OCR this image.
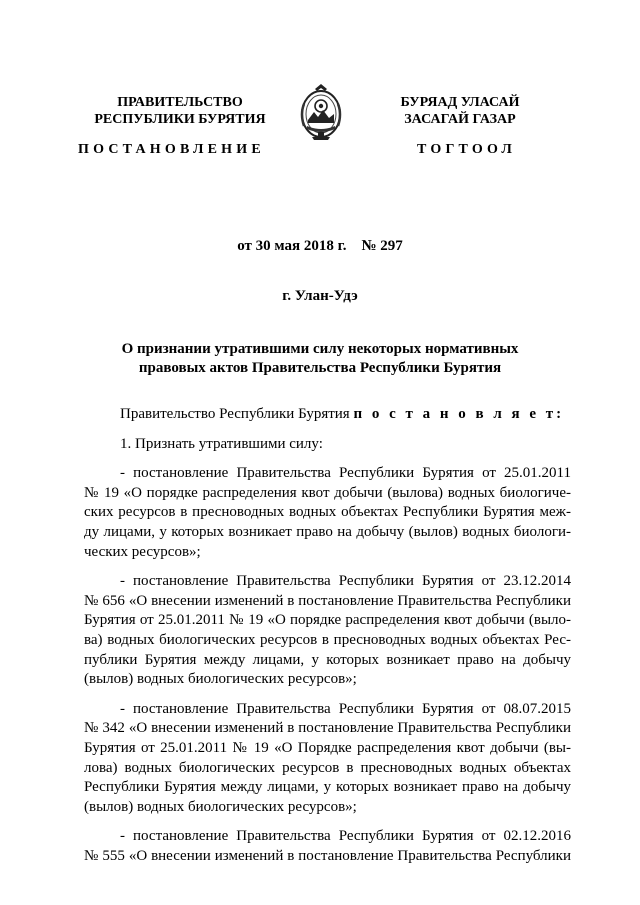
ПРАВИТЕЛЬСТВО
РЕСПУБЛИКИ БУРЯТИЯ
БУРЯАД УЛАСАЙ
ЗАСАГАЙ ГАЗАР
ПОСТАНОВЛЕНИЕ	ТОГТООЛ
от 30 мая 2018 г.    № 297
г. Улан-Удэ
О признании утратившими силу некоторых нормативных
правовых актов Правительства Республики Бурятия
Правительство Республики Бурятия п о с т а н о в л я е т:
1. Признать утратившими силу:
- постановление Правительства Республики Бурятия от 25.01.2011
№ 19 «О порядке распределения квот добычи (вылова) водных биологиче-
ских ресурсов в пресноводных водных объектах Республики Бурятия меж-
ду лицами, у которых возникает право на добычу (вылов) водных биологи-
ческих ресурсов»;
- постановление Правительства Республики Бурятия от 23.12.2014
№ 656 «О внесении изменений в постановление Правительства Республики
Бурятия от 25.01.2011 № 19 «О порядке распределения квот добычи (вылo-
ва) водных биологических ресурсов в пресноводных водных объектах Рес-
публики Бурятия между лицами, у которых возникает право на добычу
(вылов) водных биологических ресурсов»;
- постановление Правительства Республики Бурятия от 08.07.2015
№ 342 «О внесении изменений в постановление Правительства Республики
Бурятия от 25.01.2011 № 19 «О Порядке распределения квот добычи (вы-
лова) водных биологических ресурсов в пресноводных водных объектах
Республики Бурятия между лицами, у которых возникает право на добычу
(вылов) водных биологических ресурсов»;
- постановление Правительства Республики Бурятия от 02.12.2016
№ 555 «О внесении изменений в постановление Правительства Республики
